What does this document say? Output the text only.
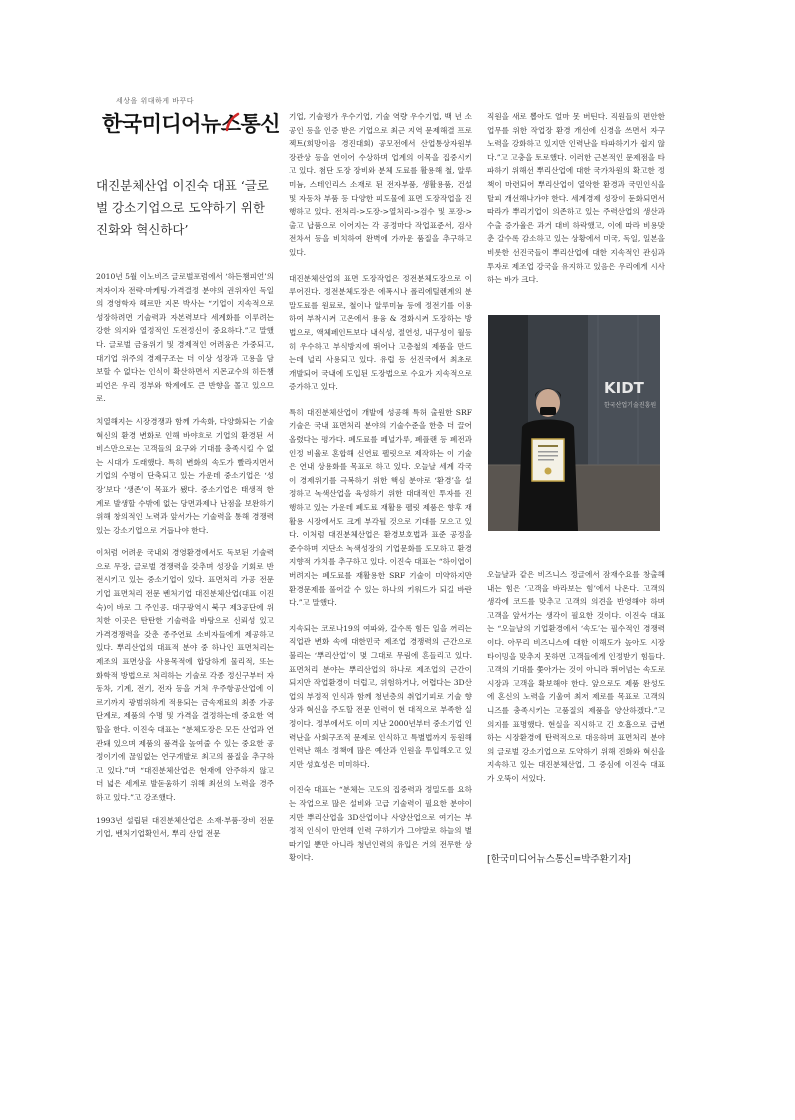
세상을 위대하게 바꾸다
한국미디어뉴스통신
대진분체산업 이진숙 대표 ‘글로벌 강소기업으로 도약하기 위한 진화와 혁신하다’

2010년 5월 이노비즈 글로벌포럼에서 ‘하든챔피언’의 저자이자 전략·마케팅·가격결정 분야의 권위자인 독일의 경영학자 헤르만 지몬 박사는 “기업이 지속적으로 성장하려면 기술력과 자본력보다 세계화를 이루려는 강한 의지와 열정적인 도전정신이 중요하다.”고 말했다. 글로벌 금융위기 및 경제적인 어려움은 가중되고, 대기업 위주의 경제구조는 더 이상 성장과 고용을 담보할 수 없다는 인식이 확산하면서 지몬교수의 히든챔피언은 우리 정부와 학계에도 큰 반향을 몰고 있으므로.

치열해지는 시장경쟁과 함께 가속화, 다양화되는 기술혁신의 환경 변화로 인해 바야흐로 기업의 환경된 서비스만으로는 고객들의 요구와 기대를 충족시킬 수 없는 시대가 도래했다. 특히 변화의 속도가 빨라지면서 기업의 수명이 단축되고 있는 가운데 중소기업은 ‘성장’보다 ‘생존’이 목표가 됐다. 중소기업은 태생적 한계로 발생할 수밖에 없는 당면과제나 난점을 보완하기 위해 창의적인 노력과 앞서가는 기술력을 통해 경쟁력 있는 강소기업으로 거듭나야 한다.

이처럼 어려운 국내외 경영환경에서도 독보된 기술력으로 무장, 글로벌 경쟁력을 갖추며 성장을 기회로 반전시키고 있는 중소기업이 있다. 표면처리 가공 전문 기업 표면처리 전문 벤처기업 대진분체산업(대표 이진숙)이 바로 그 주인공. 대구광역시 북구 제3공단에 위치한 이곳은 탄탄한 기술력을 바탕으로 신뢰성 있고 가격경쟁력을 갖춘 종주연료 소비자들에게 제공하고 있다. 뿌리산업의 대표적 분야 중 하나인 표면처리는 제조의 표면상을 사용목적에 합당하게 물리적, 또는 화학적 방법으로 처리하는 기술로 각종 정신구부터 자동차, 기계, 전기, 전자 등을 거쳐 우주항공산업에 이르기까지 광범위하게 적용되는 금속재료의 최종 가공단계로, 제품의 수명 및 가격을 결정하는데 중요한 역할을 한다. 이진숙 대표는 “분체도장은 모든 산업과 연관돼 있으며 제품의 품격을 높여줄 수 있는 중요한 공정이기에 끊임없는 연구개발로 최고의 품질을 추구하고 있다.”며 “대진분체산업은 현재에 안주하지 않고 더 넓은 세계로 발돋움하기 위해 최선의 노력을 경주하고 있다.”고 강조했다.

1993년 설립된 대진분체산업은 소재·부품·장비 전문 기업, 벤처기업확인서, 뿌리 산업 전문

기업, 기술평가 우수기업, 기술 역량 우수기업, 백 년 소공인 등을 인증 받은 기업으로 최근 지역 문제해결 프로젝트(희망이음 경진대회) 공모전에서 산업통상자원부 장관상 등을 연이어 수상하며 업계의 이목을 집중시키고 있다. 첨단 도장 장비와 분체 도료를 활용해 철, 알루미늄, 스테인리스 소재로 된 전자부품, 생활용품, 건설 및 자동차 부품 등 다양한 피도물에 표면 도장작업을 진행하고 있다. 전처리->도장->열처리->검수 및 포장->출고 납품으로 이어지는 각 공정마다 작업표준서, 검사전차서 등을 비치하여 완벽에 가까운 품질을 추구하고 있다.

대진분체산업의 표면 도장작업은 정전분체도장으로 이루어진다. 정전분체도장은 에폭시나 폴리에틸렌계의 분말도료를 원료로, 철이나 알루미늄 등에 정전기를 이용하여 부착시켜 고온에서 용융 & 경화시켜 도장하는 방법으로, 액체페인트보다 내식성, 절연성, 내구성이 월등히 우수하고 부식방지에 뛰어나 고층철의 제품을 만드는데 널리 사용되고 있다. 유럽 등 선진국에서 최초로 개발되어 국내에 도입된 도장법으로 수요가 지속적으로 증가하고 있다.

특히 대진분체산업이 개발에 성공해 특허 출원한 SRF 기술은 국내 표면처리 분야의 기술수준을 한층 더 끌어올렸다는 평가다. 폐도료를 페널가루, 폐플랜 등 폐전과 인정 비율로 혼합해 신연료 펠릿으로 제작하는 이 기술은 연내 상용화를 목표로 하고 있다. 오늘날 세계 각국이 경제위기를 극복하기 위한 핵심 분야로 ‘환경’을 설정하고 녹색산업을 육성하기 위한 대대적인 투자를 진행하고 있는 가운데 폐도료 재활용 펠릿 제품은 향후 재활용 시장에서도 크게 부각될 것으로 기대를 모으고 있다. 이처럼 대진분체산업은 환경보호법과 표준 공정을 준수하며 지단소 녹색성장의 기업문화를 도모하고 환경지향적 가치를 추구하고 있다. 이진숙 대표는 “하이엽이 버려지는 폐도료를 재활용한 SRF 기술이 미약하지만 환경문제를 풀어갈 수 있는 하나의 키워드가 되길 바란다.”고 말했다.

지속되는 코로나19의 여파와, 갈수록 힘든 일을 꺼리는 직업관 변화 속에 대한민국 제조업 경쟁력의 근간으로 불리는 ‘뿌리산업’이 몇 그대로 무림에 흔들리고 있다. 표면처리 분야는 뿌리산업의 하나로 제조업의 근간이 되지만 작업환경이 더럽고, 위험하거나, 어렵다는 3D산업의 부정적 인식과 함께 청년층의 취업기피로 기술 향상과 혁신을 주도할 전문 인력이 현 대적으로 부족한 실정이다. 정부에서도 이미 지난 2000년부터 중소기업 인력난을 사회구조적 문제로 인식하고 특별법까지 동원해 인력난 해소 정책에 많은 예산과 인원을 투입해오고 있지만 성효성은 미미하다.

이진숙 대표는 “분체는 고도의 집중력과 정밀도를 요하는 작업으로 많은 설비와 고급 기술력이 필요한 분야이지만 뿌리산업을 3D산업이나 사양산업으로 여기는 부정적 인식이 만연해 인력 구하기가 그야말로 하늘의 별따기일 뿐만 아니라 청년인력의 유입은 거의 전무한 상황이다.

직원을 새로 뽑아도 얼마 못 버틴다. 직원들의 편안한 업무를 위한 작업장 환경 개선에 신경을 쓰면서 자구노력을 강화하고 있지만 인력난을 타파하기가 쉽지 않다.”고 고충을 토로했다. 이러한 근본적인 문제점을 타파하기 위해선 뿌리산업에 대한 국가차원의 확고한 정책이 마련되어 뿌리산업이 열악한 환경과 국민인식을 탈피 개선해나가야 한다. 세계경제 성장이 둔화되면서 따라가 뿌리기업이 의존하고 있는 주력산업의 생산과 수출 증가율은 과거 대비 하락했고, 이에 따라 비용맞춘 갈수록 감소하고 있는 상황에서 미국, 독일, 일본을 비롯한 선진국들이 뿌리산업에 대한 지속적인 관심과 투자로 제조업 강국을 유지하고 있음은 우리에게 시사하는 바가 크다.

KIDT
한국산업기술진흥원

오늘날과 같은 비즈니스 정글에서 잠재수요를 창출해내는 힘은 ‘고객을 바라보는 힘’에서 나온다. 고객의 생각에 코드를 맞추고 고객의 의견을 반영해야 하며 고객을 앞서가는 생각이 필요한 것이다. 이진숙 대표는 “오늘날의 기업환경에서 ‘속도’는 필수적인 경쟁력이다. 아무리 비즈니스에 대한 이해도가 높아도 시장타이밍을 맞추지 못하면 고객들에게 인정받기 힘들다. 고객의 기대를 쫓아가는 것이 아니라 뛰어넘는 속도로 시장과 고객을 확보해야 한다. 앞으로도 제품 완성도에 혼신의 노력을 기울여 최저 제로를 목표로 고객의 니즈를 충족시키는 고품질의 제품을 양산하겠다.”고 의지를 표명했다. 현실을 직시하고 긴 호흡으로 급변하는 시장환경에 탄력적으로 대응하며 표면처리 분야의 글로벌 강소기업으로 도약하기 위해 진화와 혁신을 지속하고 있는 대진분체산업, 그 중심에 이진숙 대표가 오뚝이 서있다.

[한국미디어뉴스통신=박주환기자]
